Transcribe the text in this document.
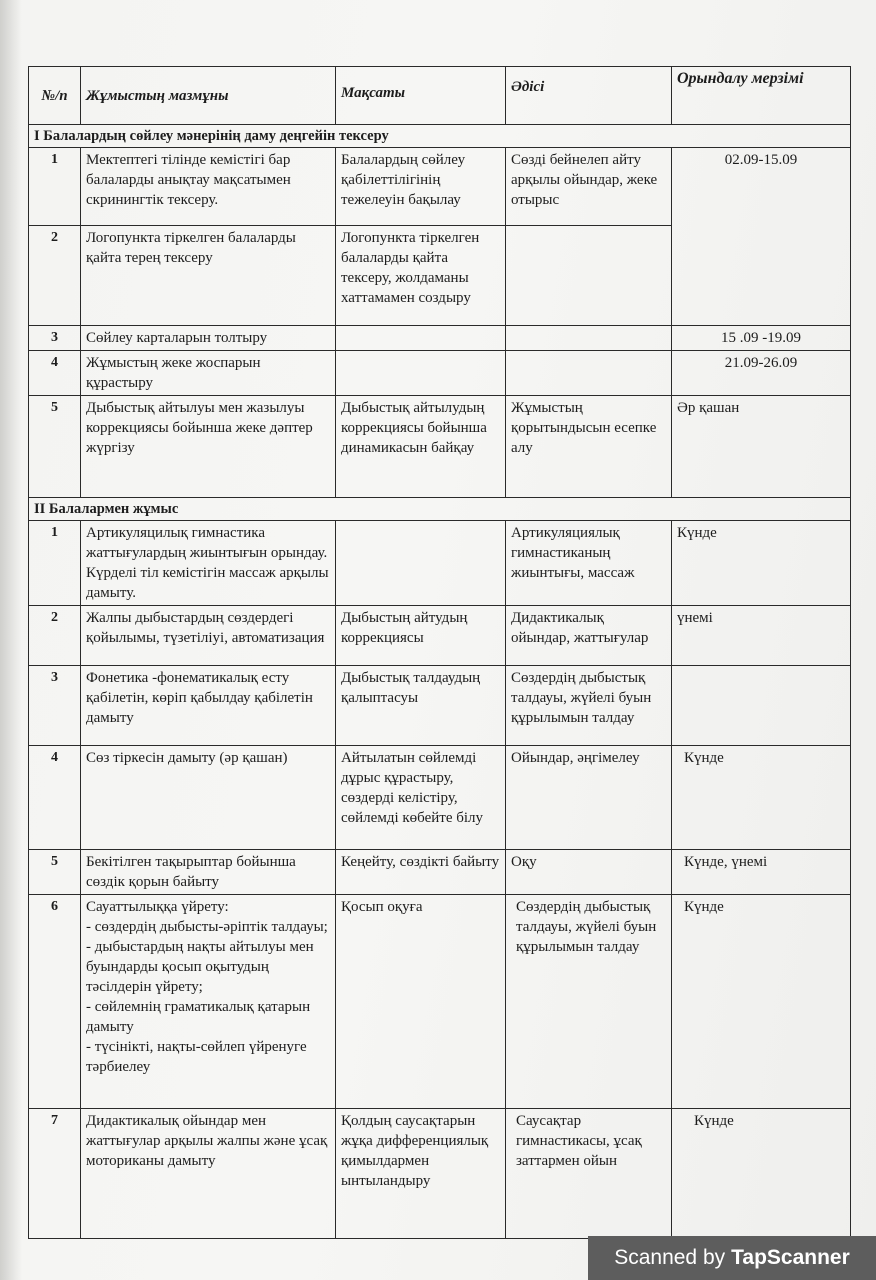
№/п	Жұмыстың мазмұны	Мақсаты	Әдісі	Орындалу мерзімі
I Балалардың сөйлеу мәнерінің даму деңгейін тексеру				
1	Мектептегі тілінде кемістігі бар балаларды анықтау мақсатымен скринингтік тексеру.	Балалардың сөйлеу қабілеттілігінің тежелеуін бақылау	Сөзді бейнелеп айту арқылы ойындар, жеке отырыс	02.09-15.09
2	Логопункта тіркелген балаларды қайта терең тексеру	Логопункта тіркелген балаларды қайта тексеру, жолдаманы хаттамамен создыру		
3	Сөйлеу карталарын толтыру			15 .09 -19.09
4	Жұмыстың жеке жоспарын құрастыру			21.09-26.09
5	Дыбыстық айтылуы мен жазылуы коррекциясы бойынша жеке дәптер жүргізу	Дыбыстық айтылудың коррекциясы бойынша динамикасын байқау	Жұмыстың қорытындысын есепке алу	Әр қашан
II Балалармен жұмыс				
1	Артикуляцилық гимнастика жаттығулардың жиынтығын орындау. Күрделі тіл кемістігін массаж арқылы дамыту.		Артикуляциялық гимнастиканың жиынтығы, массаж	Күнде
2	Жалпы дыбыстардың сөздердегі қойылымы, түзетіліуі, автоматизация	Дыбыстың айтудың коррекциясы	Дидактикалық ойындар, жаттығулар	үнемі
3	Фонетика -фонематикалық есту қабілетін, көріп қабылдау қабілетін дамыту	Дыбыстық талдаудың қалыптасуы	Сөздердің дыбыстық талдауы, жүйелі буын құрылымын талдау	
4	Сөз тіркесін дамыту (әр қашан)	Айтылатын сөйлемді дұрыс құрастыру, сөздерді келістіру, сөйлемді көбейте білу	Ойындар, әңгімелеу	Күнде
5	Бекітілген тақырыптар бойынша сөздік қорын байыту	Кеңейту, сөздікті байыту	Оқу	Күнде, үнемі
6	Сауаттылыққа үйрету:
- сөздердің дыбысты-әріптік талдауы;
- дыбыстардың нақты айтылуы мен буындарды қосып оқытудың тәсілдерін үйрету;
- сөйлемнің граматикалық қатарын дамыту
- түсінікті, нақты-сөйлеп үйренуге тәрбиелеу	Қосып оқуға	Сөздердің дыбыстық талдауы, жүйелі буын құрылымын талдау	Күнде
7	Дидактикалық ойындар мен жаттығулар арқылы жалпы және ұсақ моториканы дамыту	Қолдың саусақтарын жұқа дифференциялық қимылдармен ынтыландыру	Саусақтар гимнастикасы, ұсақ заттармен ойын	Күнде
Scanned by TapScanner
